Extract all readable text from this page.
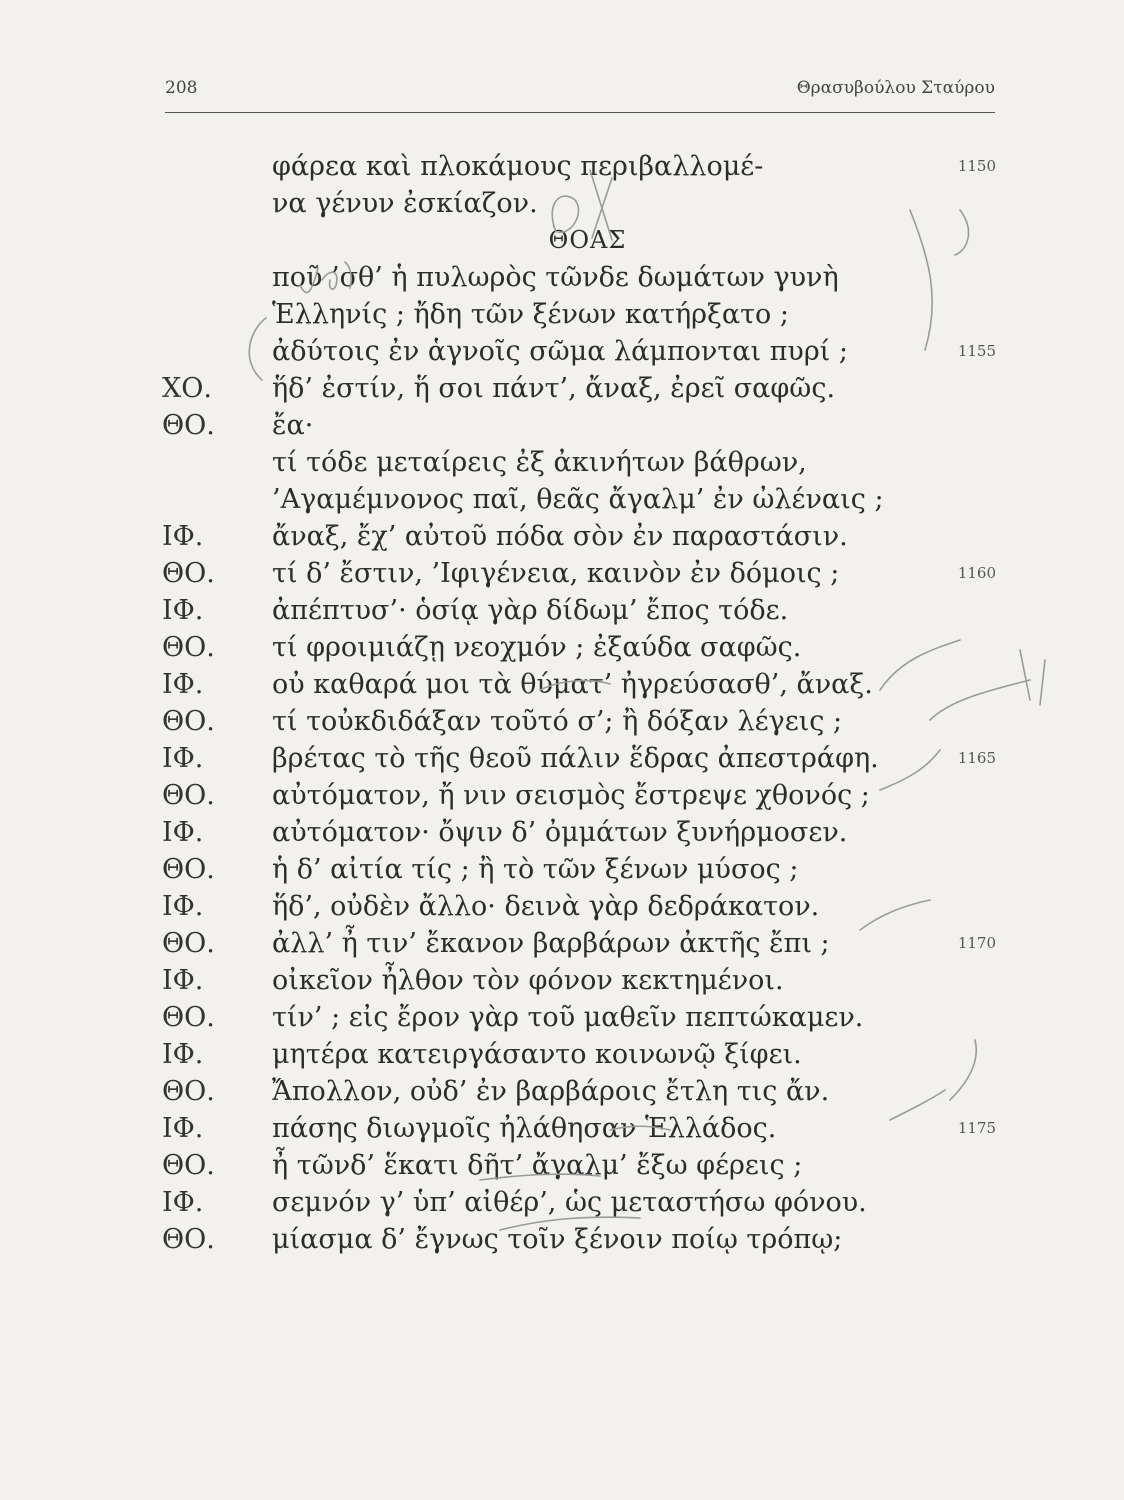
208	Θρασυβούλου Σταύρου
φάρεα καὶ πλοκάμους περιβαλλομέ-	1150
να γένυν ἐσκίαζον.
ΘΟΑΣ
ποῦ ’σθ’ ἡ πυλωρὸς τῶνδε δωμάτων γυνὴ
Ἑλληνίς ; ἤδη τῶν ξένων κατήρξατο ;
ἀδύτοις ἐν ἁγνοῖς σῶμα λάμπονται πυρί ;	1155
ΧΟ. ἥδ’ ἐστίν, ἥ σοι πάντ’, ἄναξ, ἐρεῖ σαφῶς.
ΘΟ. ἔα·
τί τόδε μεταίρεις ἐξ ἀκινήτων βάθρων,
’Αγαμέμνονος παῖ, θεᾶς ἄγαλμ’ ἐν ὠλέναις ;
ΙΦ.	ἄναξ, ἔχ’ αὐτοῦ πόδα σὸν ἐν παραστάσιν.
ΘΟ. τί δ’ ἔστιν, ’Ιφιγένεια, καινὸν ἐν δόμοις ;	1160
ΙΦ.	ἀπέπτυσ’· ὁσίᾳ γὰρ δίδωμ’ ἔπος τόδε.
ΘΟ. τί φροιμιάζῃ νεοχμόν ; ἐξαύδα σαφῶς.
ΙΦ.	οὐ καθαρά μοι τὰ θύματ’ ἠγρεύσασθ’, ἄναξ.
ΘΟ. τί τοὐκδιδάξαν τοῦτό σ’; ἢ δόξαν λέγεις ;
ΙΦ.	βρέτας τὸ τῆς θεοῦ πάλιν ἕδρας ἀπεστράφη.	1165
ΘΟ. αὐτόματον, ἤ νιν σεισμὸς ἔστρεψε χθονός ;
ΙΦ.	αὐτόματον· ὄψιν δ’ ὀμμάτων ξυνήρμοσεν.
ΘΟ. ἡ δ’ αἰτία τίς ; ἢ τὸ τῶν ξένων μύσος ;
ΙΦ.	ἥδ’, οὐδὲν ἄλλο· δεινὰ γὰρ δεδράκατον.
ΘΟ. ἀλλ’ ἦ τιν’ ἔκανον βαρβάρων ἀκτῆς ἔπι ;	1170
ΙΦ.	οἰκεῖον ἦλθον τὸν φόνον κεκτημένοι.
ΘΟ. τίν’ ; εἰς ἔρον γὰρ τοῦ μαθεῖν πεπτώκαμεν.
ΙΦ.	μητέρα κατειργάσαντο κοινωνῷ ξίφει.
ΘΟ. Ἄπολλον, οὐδ’ ἐν βαρβάροις ἔτλη τις ἄν.
ΙΦ.	πάσης διωγμοῖς ἠλάθησαν Ἑλλάδος.	1175
ΘΟ. ἦ τῶνδ’ ἕκατι δῆτ’ ἄγαλμ’ ἔξω φέρεις ;
ΙΦ.	σεμνόν γ’ ὑπ’ αἰθέρ’, ὡς μεταστήσω φόνου.
ΘΟ. μίασμα δ’ ἔγνως τοῖν ξένοιν ποίῳ τρόπῳ;
